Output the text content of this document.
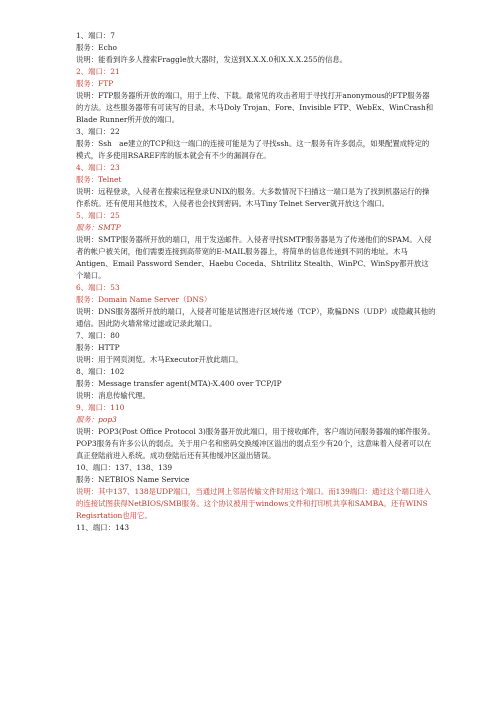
1、端口：7
服务：Echo
说明：能看到许多人搜索Fraggle放大器时，发送到X.X.X.0和X.X.X.255的信息。
2、端口：21
服务：FTP
说明：FTP服务器所开放的端口，用于上传、下载。最常见的攻击者用于寻找打开anonymous的FTP服务器的方法。这些服务器带有可读写的目录。木马Doly Trojan、Fore、Invisible FTP、WebEx、WinCrash和Blade Runner所开放的端口。
3、端口：22
服务：Ssh　ae建立的TCP和这一端口的连接可能是为了寻找ssh。这一服务有许多弱点，如果配置成特定的模式，许多使用RSAREF库的版本就会有不少的漏洞存在。
4、端口：23
服务：Telnet
说明：远程登录，入侵者在搜索远程登录UNIX的服务。大多数情况下扫描这一端口是为了找到机器运行的操作系统。还有使用其他技术，入侵者也会找到密码。木马Tiny Telnet Server就开放这个端口。
5、端口：25
服务：SMTP
说明：SMTP服务器所开放的端口，用于发送邮件。入侵者寻找SMTP服务器是为了传递他们的SPAM。入侵者的帐户被关闭，他们需要连接到高带宽的E-MAIL服务器上，将简单的信息传递到不同的地址。木马Antigen、Email Password Sender、Haebu Coceda、Shtrilitz Stealth、WinPC、WinSpy都开放这个端口。
6、端口：53
服务：Domain Name Server（DNS）
说明：DNS服务器所开放的端口，入侵者可能是试图进行区域传递（TCP），欺骗DNS（UDP）或隐藏其他的通信。因此防火墙常常过滤或记录此端口。
7、端口：80
服务：HTTP
说明：用于网页浏览。木马Executor开放此端口。
8、端口：102
服务：Message transfer agent(MTA)-X.400 over TCP/IP
说明：消息传输代理。
9、端口：110
服务：pop3
说明：POP3(Post Office Protocol 3)服务器开放此端口，用于接收邮件，客户端访问服务器端的邮件服务。POP3服务有许多公认的弱点。关于用户名和密码交换缓冲区溢出的弱点至少有20个，这意味着入侵者可以在真正登陆前进入系统。成功登陆后还有其他缓冲区溢出错误。
10、端口：137、138、139
服务：NETBIOS Name Service
说明：其中137、138是UDP端口，当通过网上邻居传输文件时用这个端口。而139端口：通过这个端口进入的连接试图获得NetBIOS/SMB服务。这个协议被用于windows文件和打印机共享和SAMBA。还有WINS Regisrtation也用它。
11、端口：143
